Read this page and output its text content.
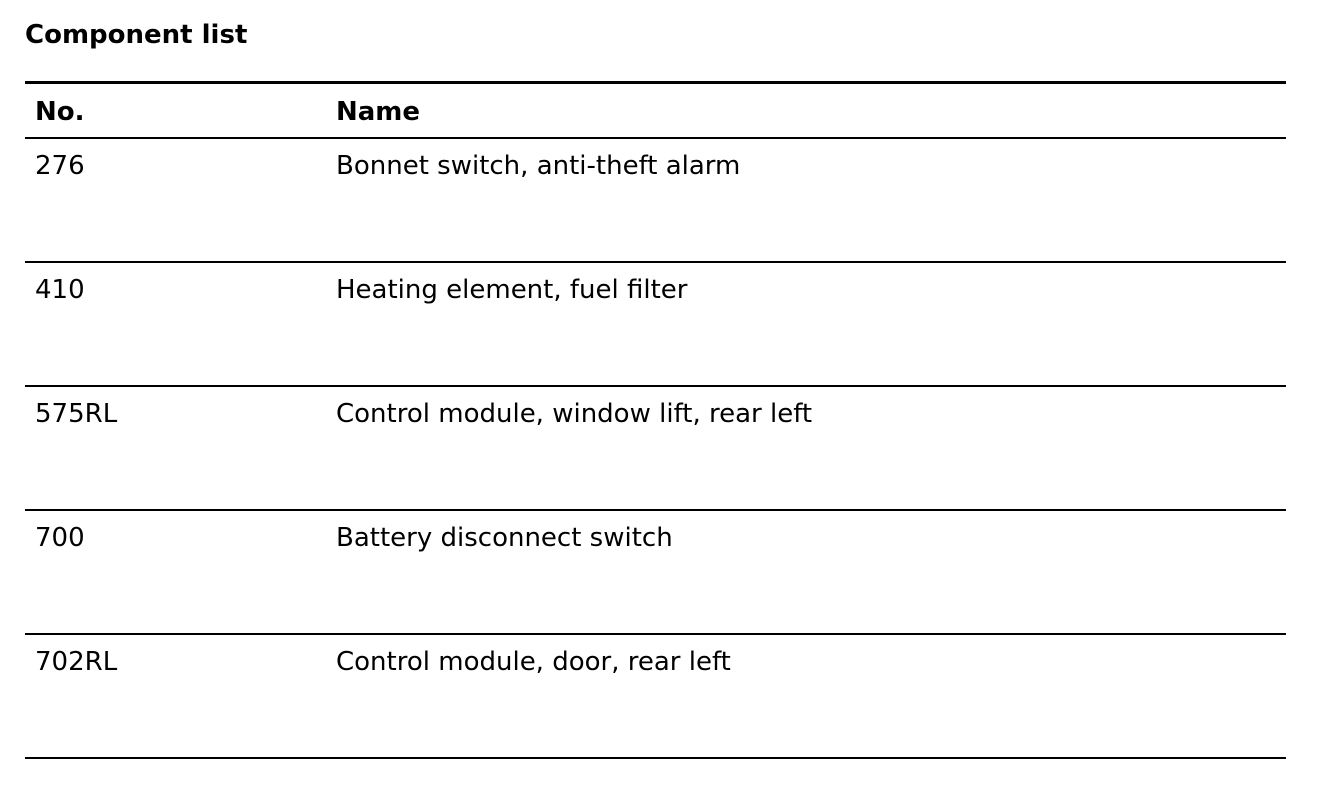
Component list
No.	Name
276	Bonnet switch, anti-theft alarm
410	Heating element, fuel filter
575RL	Control module, window lift, rear left
700	Battery disconnect switch
702RL	Control module, door, rear left
